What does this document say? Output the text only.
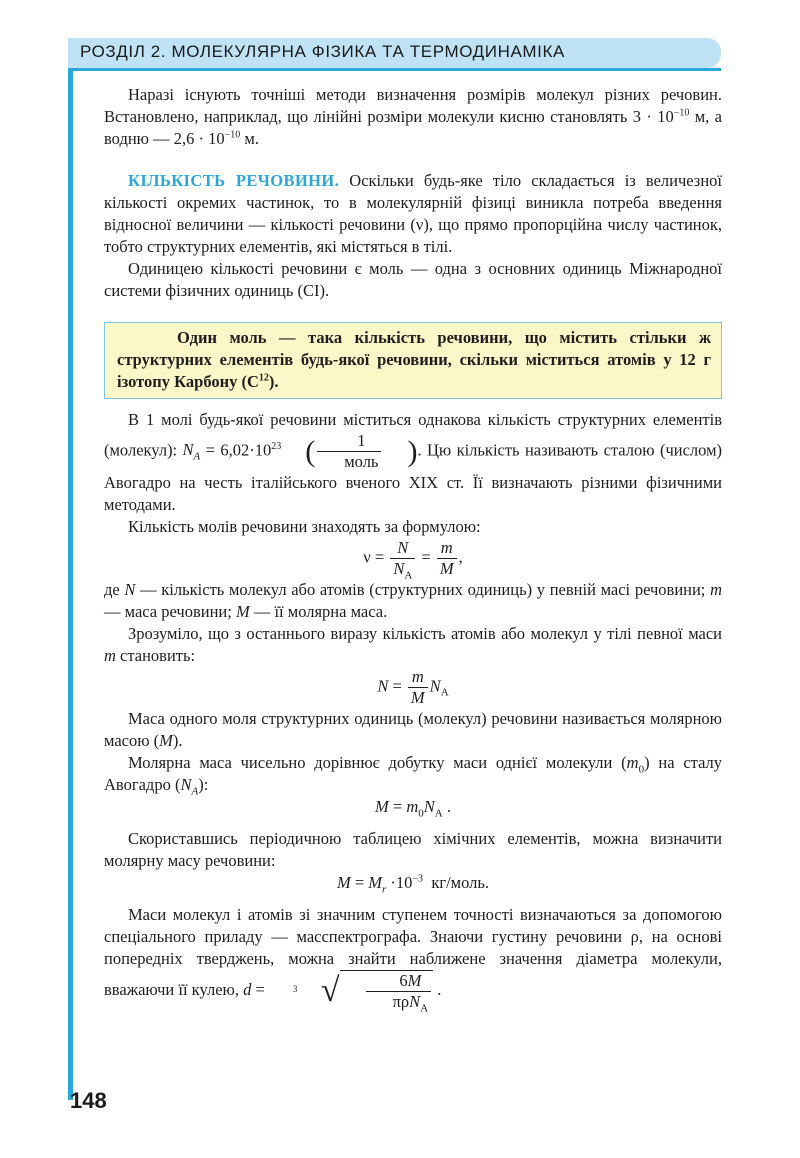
РОЗДІЛ 2. МОЛЕКУЛЯРНА ФІЗИКА ТА ТЕРМОДИНАМІКА

Наразі існують точніші методи визначення розмірів молекул різних речовин. Встановлено, наприклад, що лінійні розміри молекули кисню становлять $3 \cdot 10^{-10}$ м, а водню — $2,6 \cdot 10^{-10}$ м.

КІЛЬКІСТЬ РЕЧОВИНИ. Оскільки будь-яке тіло складається із величезної кількості окремих частинок, то в молекулярній фізиці виникла потреба введення відносної величини — кількості речовини (ν), що прямо пропорційна числу частинок, тобто структурних елементів, які містяться в тілі.

Одиницею кількості речовини є моль — одна з основних одиниць Міжнародної системи фізичних одиниць (СІ).

Один моль — така кількість речовини, що містить стільки ж структурних елементів будь-якої речовини, скільки міститься атомів у 12 г ізотопу Карбону $(С^{12})$.

В 1 молі будь-якої речовини міститься однакова кількість структурних елементів (молекул): $N_A = 6,02\cdot 10^{23}$ ( $\frac{1}{\text{моль}}$ ). Цю кількість називають сталою (числом) Авогадро на честь італійського вченого XIX ст. Її визначають різними фізичними методами.

Кількість молів речовини знаходять за формулою:

$\nu = \frac{N}{N_A} = \frac{m}{M}$ ,

де N — кількість молекул або атомів (структурних одиниць) у певній масі речовини; m — маса речовини; M — її молярна маса.

Зрозуміло, що з останнього виразу кількість атомів або молекул у тілі певної маси m становить:

$N = \frac{m}{M} N_A$

Маса одного моля структурних одиниць (молекул) речовини називається молярною масою (M).

Молярна маса чисельно дорівнює добутку маси однієї молекули $(m_0)$ на сталу Авогадро $(N_A)$:

$M = m_0N_A$ .

Скориставшись періодичною таблицею хімічних елементів, можна визначити молярну масу речовини:

$M = M_r \cdot 10^{-3}$ кг/моль.

Маси молекул і атомів зі значним ступенем точності визначаються за допомогою спеціального приладу — масспектрографа. Знаючи густину речовини ρ, на основі попередніх тверджень, можна знайти наближене значення діаметра молекули, вважаючи її кулею, d =	3 √ $\frac{6M}{\pi\rho N_A}$ .

148
